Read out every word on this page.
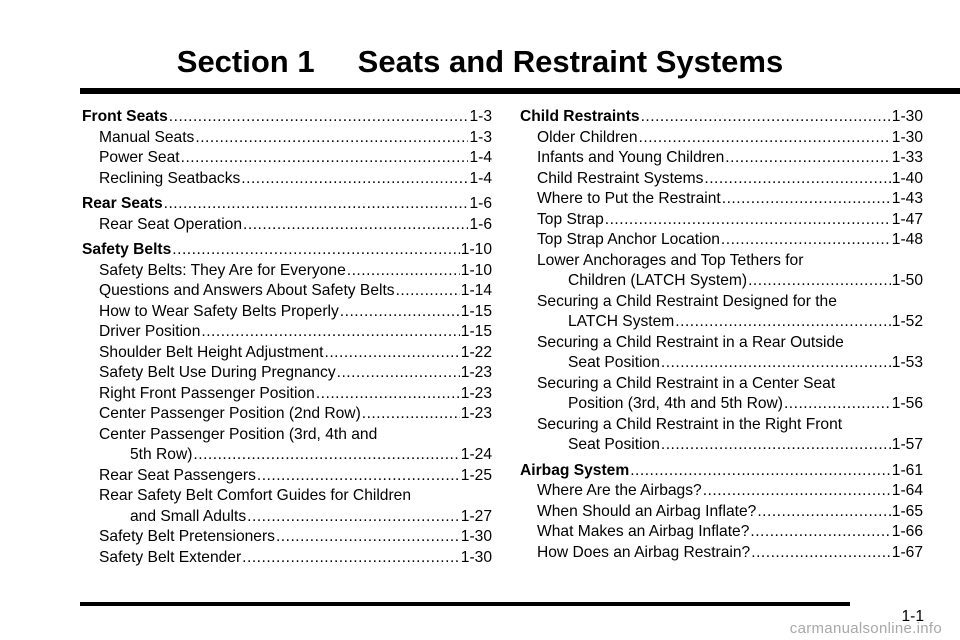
Section 1     Seats and Restraint Systems
Front Seats .....	1-3
Manual Seats .....	1-3
Power Seat .....	1-4
Reclining Seatbacks .....	1-4
Rear Seats .....	1-6
Rear Seat Operation .....	1-6
Safety Belts .....	1-10
Safety Belts: They Are for Everyone .....	1-10
Questions and Answers About Safety Belts .....	1-14
How to Wear Safety Belts Properly .....	1-15
Driver Position .....	1-15
Shoulder Belt Height Adjustment .....	1-22
Safety Belt Use During Pregnancy .....	1-23
Right Front Passenger Position .....	1-23
Center Passenger Position (2nd Row) .....	1-23
Center Passenger Position (3rd, 4th and
5th Row) .....	1-24
Rear Seat Passengers .....	1-25
Rear Safety Belt Comfort Guides for Children
and Small Adults .....	1-27
Safety Belt Pretensioners .....	1-30
Safety Belt Extender .....	1-30
Child Restraints .....	1-30
Older Children .....	1-30
Infants and Young Children .....	1-33
Child Restraint Systems .....	1-40
Where to Put the Restraint .....	1-43
Top Strap .....	1-47
Top Strap Anchor Location .....	1-48
Lower Anchorages and Top Tethers for
Children (LATCH System) .....	1-50
Securing a Child Restraint Designed for the
LATCH System .....	1-52
Securing a Child Restraint in a Rear Outside
Seat Position .....	1-53
Securing a Child Restraint in a Center Seat
Position (3rd, 4th and 5th Row) .....	1-56
Securing a Child Restraint in the Right Front
Seat Position .....	1-57
Airbag System .....	1-61
Where Are the Airbags? .....	1-64
When Should an Airbag Inflate? .....	1-65
What Makes an Airbag Inflate? .....	1-66
How Does an Airbag Restrain? .....	1-67
1-1
carmanualsonline.info
